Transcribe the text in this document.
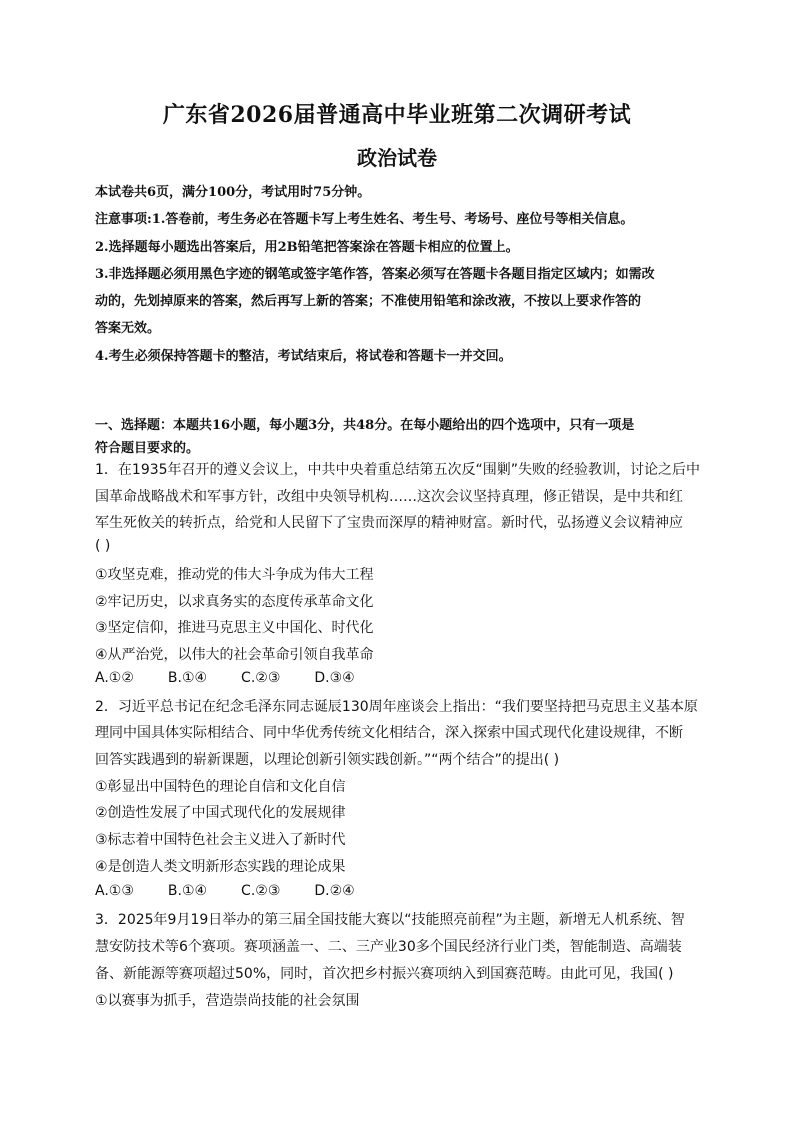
广东省2026届普通高中毕业班第二次调研考试
政治试卷
本试卷共6页，满分100分，考试用时75分钟。
注意事项:1.答卷前，考生务必在答题卡写上考生姓名、考生号、考场号、座位号等相关信息。
2.选择题每小题选出答案后，用2B铅笔把答案涂在答题卡相应的位置上。
3.非选择题必须用黑色字迹的钢笔或签字笔作答，答案必须写在答题卡各题目指定区域内；如需改
动的，先划掉原来的答案，然后再写上新的答案；不准使用铅笔和涂改液，不按以上要求作答的
答案无效。
4.考生必须保持答题卡的整洁，考试结束后，将试卷和答题卡一并交回。
一、选择题：本题共16小题，每小题3分，共48分。在每小题给出的四个选项中，只有一项是
符合题目要求的。
1．在1935年召开的遵义会议上，中共中央着重总结第五次反“围剿”失败的经验教训，讨论之后中
国革命战略战术和军事方针，改组中央领导机构……这次会议坚持真理，修正错误，是中共和红
军生死攸关的转折点，给党和人民留下了宝贵而深厚的精神财富。新时代，弘扬遵义会议精神应
( )
①攻坚克难，推动党的伟大斗争成为伟大工程
②牢记历史，以求真务实的态度传承革命文化
③坚定信仰，推进马克思主义中国化、时代化
④从严治党，以伟大的社会革命引领自我革命
A.①② B.①④ C.②③ D.③④
2．习近平总书记在纪念毛泽东同志诞辰130周年座谈会上指出：“我们要坚持把马克思主义基本原
理同中国具体实际相结合、同中华优秀传统文化相结合，深入探索中国式现代化建设规律，不断
回答实践遇到的崭新课题，以理论创新引领实践创新。”“两个结合”的提出( )
①彰显出中国特色的理论自信和文化自信
②创造性发展了中国式现代化的发展规律
③标志着中国特色社会主义进入了新时代
④是创造人类文明新形态实践的理论成果
A.①③ B.①④ C.②③ D.②④
3．2025年9月19日举办的第三届全国技能大赛以“技能照亮前程”为主题，新增无人机系统、智
慧安防技术等6个赛项。赛项涵盖一、二、三产业30多个国民经济行业门类，智能制造、高端装
备、新能源等赛项超过50%，同时，首次把乡村振兴赛项纳入到国赛范畴。由此可见，我国( )
①以赛事为抓手，营造崇尚技能的社会氛围
